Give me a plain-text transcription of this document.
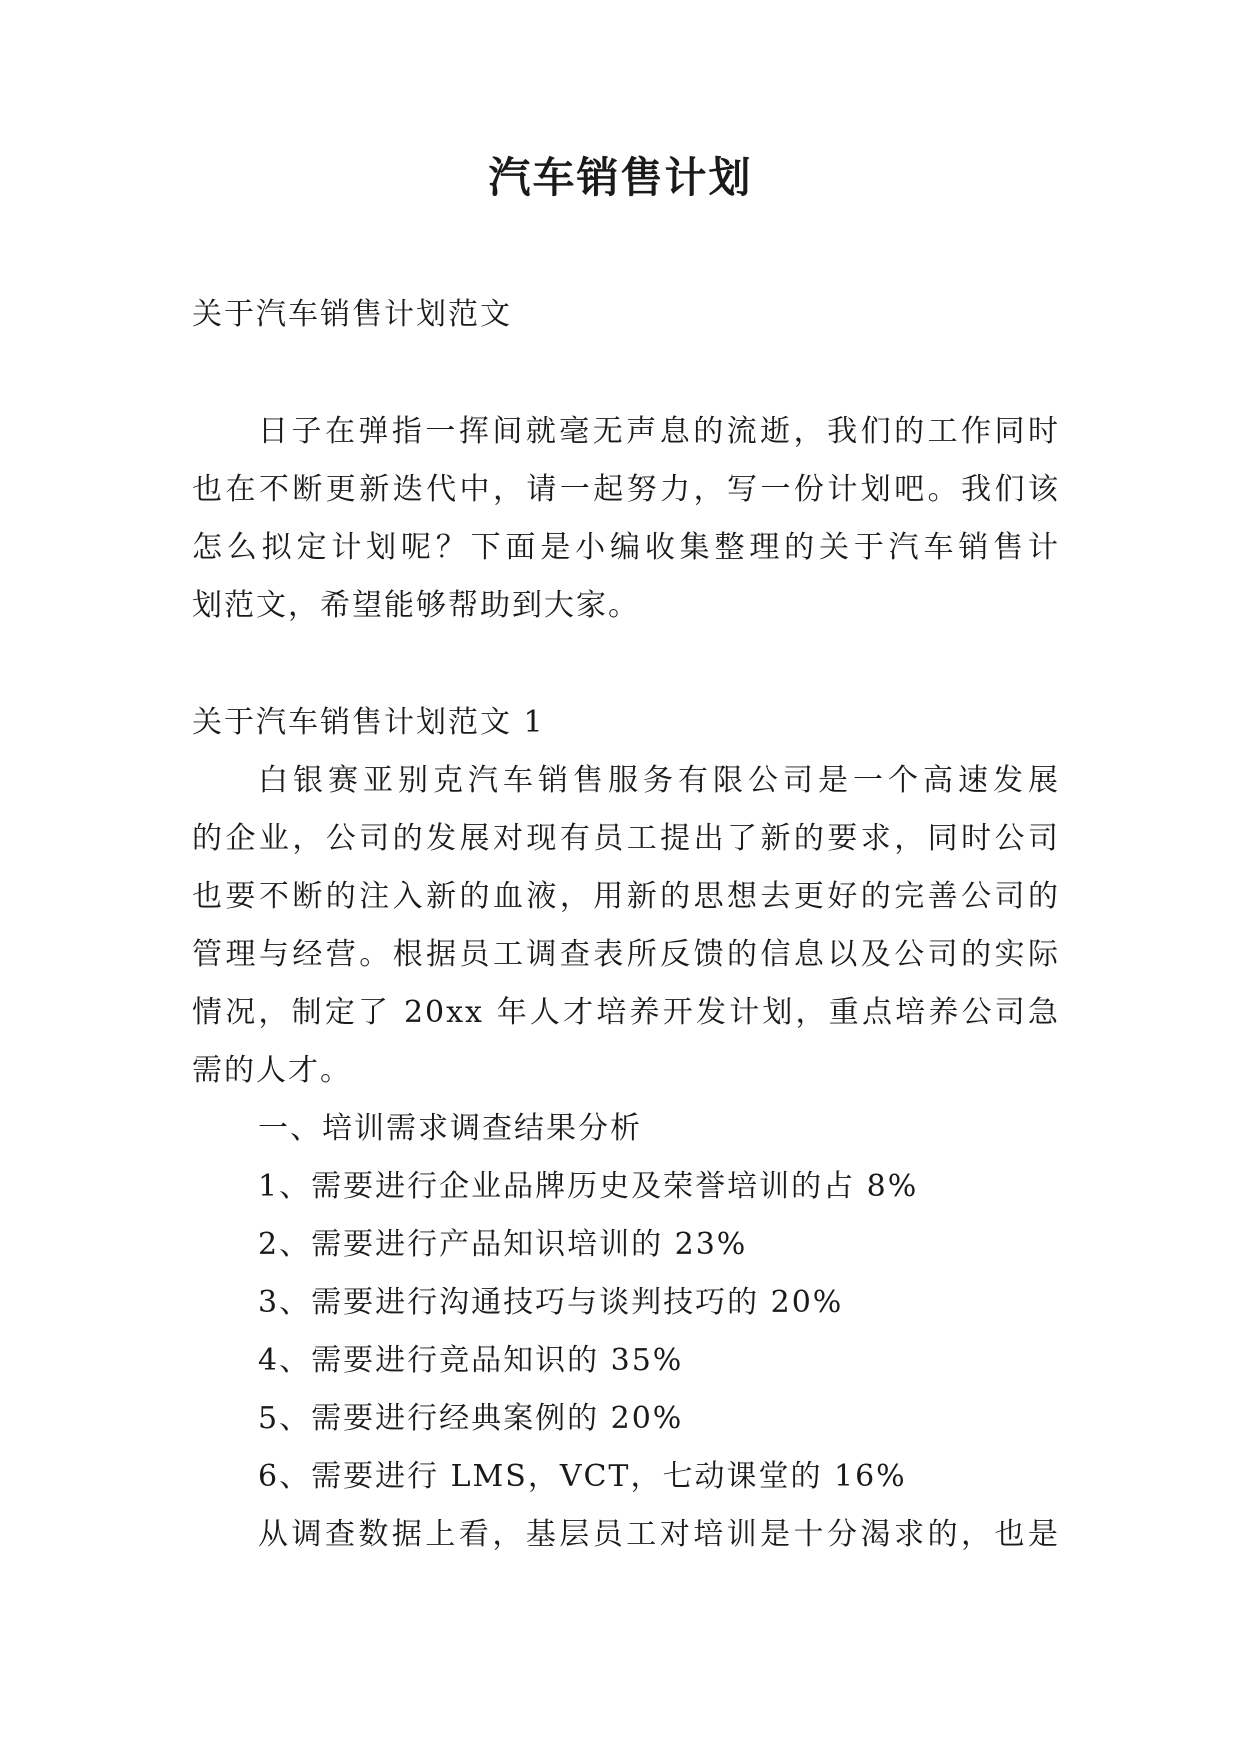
汽车销售计划
关于汽车销售计划范文
日子在弹指一挥间就毫无声息的流逝，我们的工作同时
也在不断更新迭代中，请一起努力，写一份计划吧。我们该
怎么拟定计划呢？下面是小编收集整理的关于汽车销售计
划范文，希望能够帮助到大家。
关于汽车销售计划范文 1
白银赛亚别克汽车销售服务有限公司是一个高速发展
的企业，公司的发展对现有员工提出了新的要求，同时公司
也要不断的注入新的血液，用新的思想去更好的完善公司的
管理与经营。根据员工调查表所反馈的信息以及公司的实际
情况，制定了 20xx 年人才培养开发计划，重点培养公司急
需的人才。
一、培训需求调查结果分析
1、需要进行企业品牌历史及荣誉培训的占 8%
2、需要进行产品知识培训的 23%
3、需要进行沟通技巧与谈判技巧的 20%
4、需要进行竞品知识的 35%
5、需要进行经典案例的 20%
6、需要进行 LMS，VCT，七动课堂的 16%
从调查数据上看，基层员工对培训是十分渴求的，也是
